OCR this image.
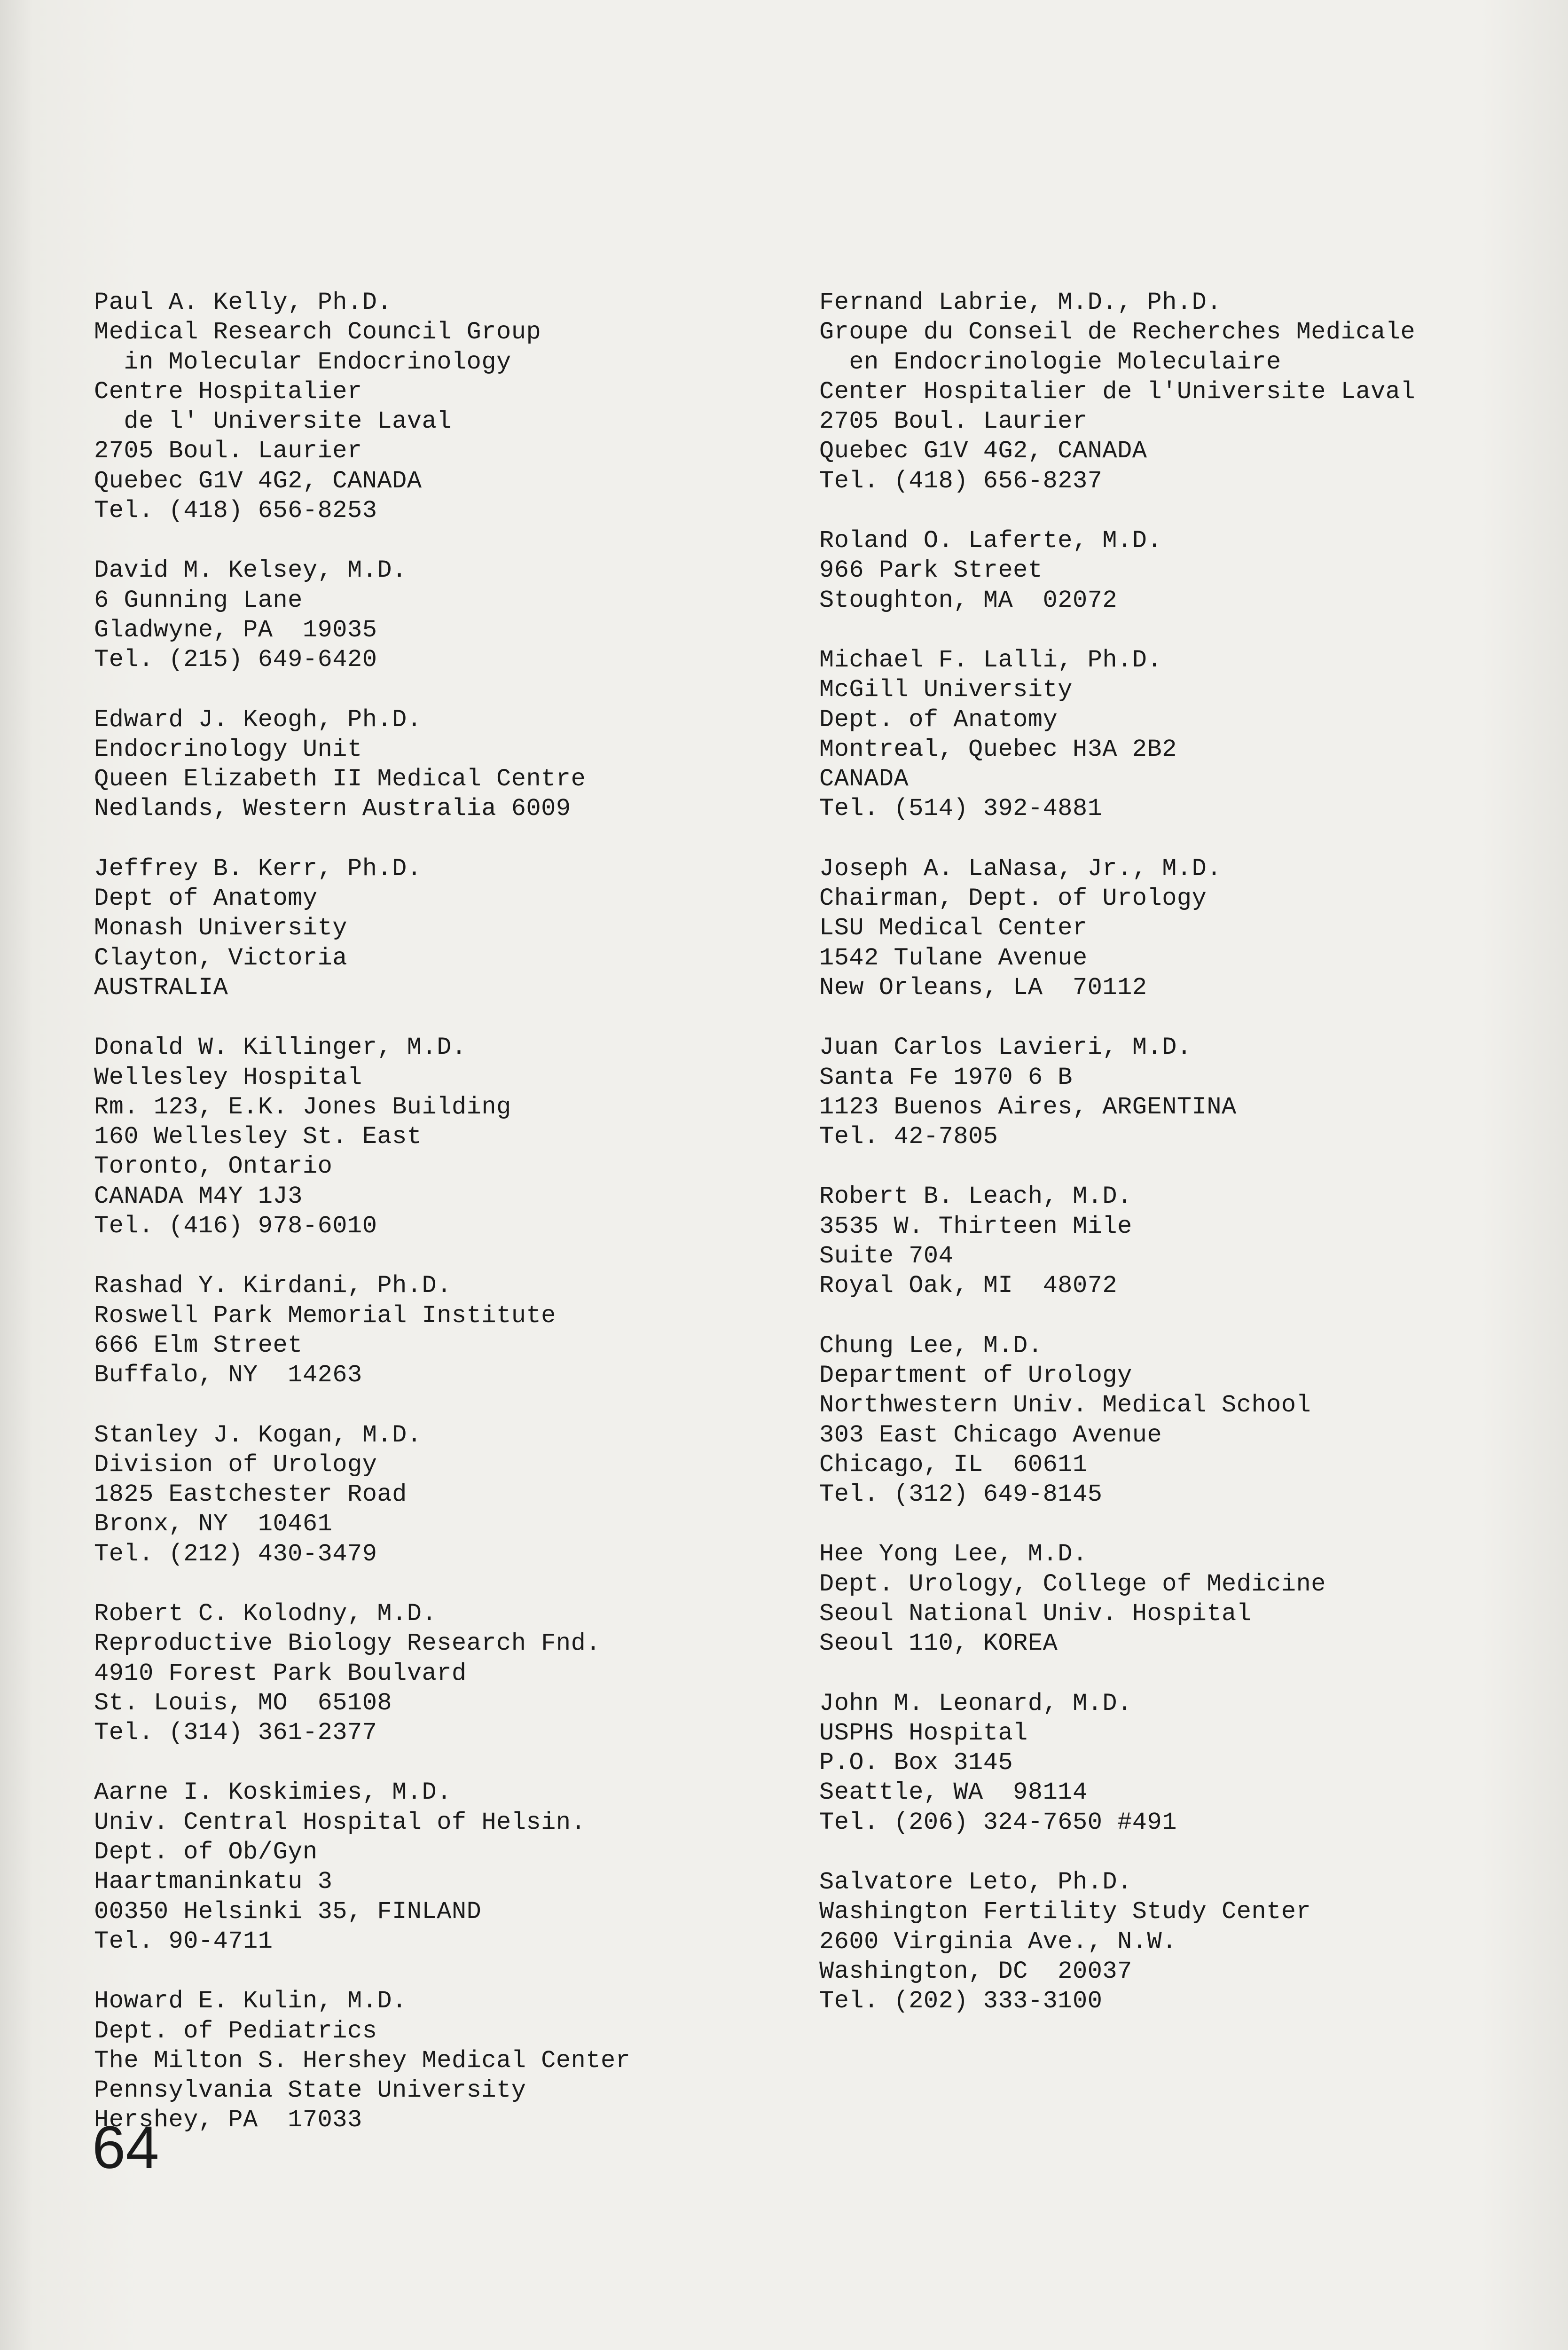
Paul A. Kelly, Ph.D.
Medical Research Council Group
in Molecular Endocrinology
Centre Hospitalier
de l' Universite Laval
2705 Boul. Laurier
Quebec G1V 4G2, CANADA
Tel. (418) 656-8253
David M. Kelsey, M.D.
6 Gunning Lane
Gladwyne, PA  19035
Tel. (215) 649-6420
Edward J. Keogh, Ph.D.
Endocrinology Unit
Queen Elizabeth II Medical Centre
Nedlands, Western Australia 6009
Jeffrey B. Kerr, Ph.D.
Dept of Anatomy
Monash University
Clayton, Victoria
AUSTRALIA
Donald W. Killinger, M.D.
Wellesley Hospital
Rm. 123, E.K. Jones Building
160 Wellesley St. East
Toronto, Ontario
CANADA M4Y 1J3
Tel. (416) 978-6010
Rashad Y. Kirdani, Ph.D.
Roswell Park Memorial Institute
666 Elm Street
Buffalo, NY  14263
Stanley J. Kogan, M.D.
Division of Urology
1825 Eastchester Road
Bronx, NY  10461
Tel. (212) 430-3479
Robert C. Kolodny, M.D.
Reproductive Biology Research Fnd.
4910 Forest Park Boulvard
St. Louis, MO  65108
Tel. (314) 361-2377
Aarne I. Koskimies, M.D.
Univ. Central Hospital of Helsin.
Dept. of Ob/Gyn
Haartmaninkatu 3
00350 Helsinki 35, FINLAND
Tel. 90-4711
Howard E. Kulin, M.D.
Dept. of Pediatrics
The Milton S. Hershey Medical Center
Pennsylvania State University
Hershey, PA  17033
Fernand Labrie, M.D., Ph.D.
Groupe du Conseil de Recherches Medicale
en Endocrinologie Moleculaire
Center Hospitalier de l'Universite Laval
2705 Boul. Laurier
Quebec G1V 4G2, CANADA
Tel. (418) 656-8237
Roland O. Laferte, M.D.
966 Park Street
Stoughton, MA  02072
Michael F. Lalli, Ph.D.
McGill University
Dept. of Anatomy
Montreal, Quebec H3A 2B2
CANADA
Tel. (514) 392-4881
Joseph A. LaNasa, Jr., M.D.
Chairman, Dept. of Urology
LSU Medical Center
1542 Tulane Avenue
New Orleans, LA  70112
Juan Carlos Lavieri, M.D.
Santa Fe 1970 6 B
1123 Buenos Aires, ARGENTINA
Tel. 42-7805
Robert B. Leach, M.D.
3535 W. Thirteen Mile
Suite 704
Royal Oak, MI  48072
Chung Lee, M.D.
Department of Urology
Northwestern Univ. Medical School
303 East Chicago Avenue
Chicago, IL  60611
Tel. (312) 649-8145
Hee Yong Lee, M.D.
Dept. Urology, College of Medicine
Seoul National Univ. Hospital
Seoul 110, KOREA
John M. Leonard, M.D.
USPHS Hospital
P.O. Box 3145
Seattle, WA  98114
Tel. (206) 324-7650 #491
Salvatore Leto, Ph.D.
Washington Fertility Study Center
2600 Virginia Ave., N.W.
Washington, DC  20037
Tel. (202) 333-3100
64
